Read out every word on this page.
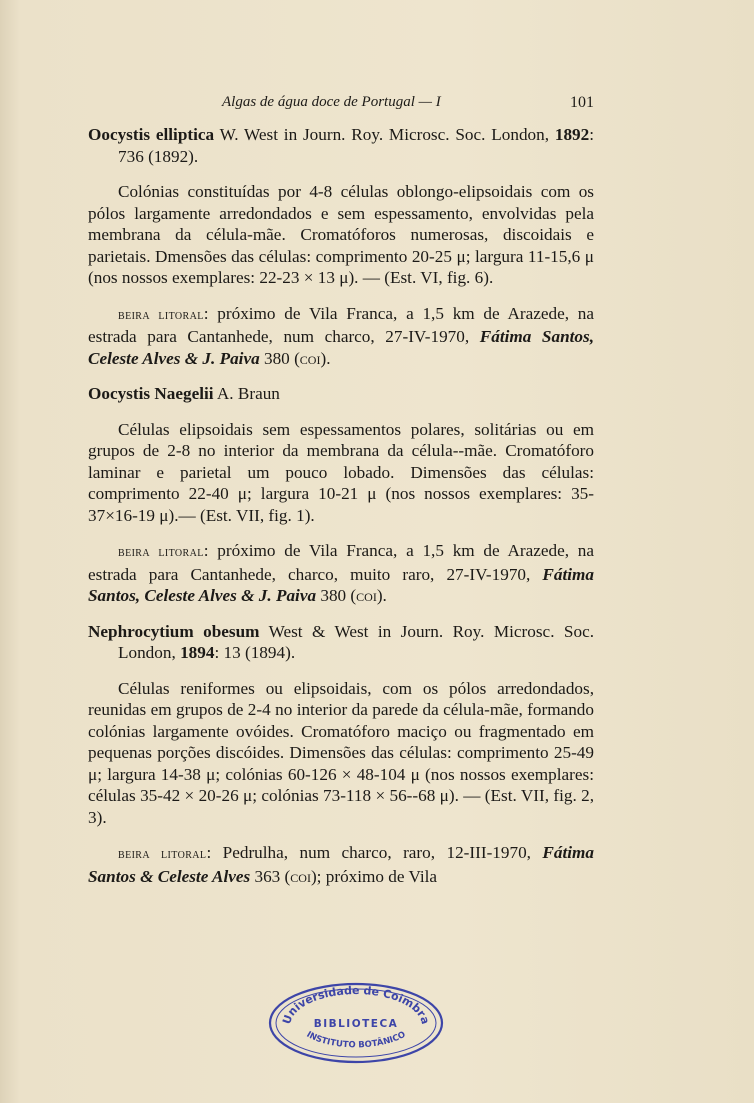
Algas de água doce de Portugal — I	101

Oocystis elliptica W. West in Journ. Roy. Microsc. Soc. London, 1892: 736 (1892).

Colónias constituídas por 4-8 células oblongo-elipsoidais com os pólos largamente arredondados e sem espessamento, envolvidas pela membrana da célula-mãe. Cromatóforos numerosas, discoidais e parietais. Dmensões das células: comprimento 20-25 μ; largura 11-15,6 μ (nos nossos exemplares: 22-23 × 13 μ). — (Est. VI, fig. 6).

beira litoral: próximo de Vila Franca, a 1,5 km de Arazede, na estrada para Cantanhede, num charco, 27-IV-1970, Fátima Santos, Celeste Alves & J. Paiva 380 (coi).

Oocystis Naegelii A. Braun

Células elipsoidais sem espessamentos polares, solitárias ou em grupos de 2-8 no interior da membrana da célula--mãe. Cromatóforo laminar e parietal um pouco lobado. Dimensões das células: comprimento 22-40 μ; largura 10-21 μ (nos nossos exemplares: 35-37×16-19 μ).— (Est. VII, fig. 1).

beira litoral: próximo de Vila Franca, a 1,5 km de Arazede, na estrada para Cantanhede, charco, muito raro, 27-IV-1970, Fátima Santos, Celeste Alves & J. Paiva 380 (coi).

Nephrocytium obesum West & West in Journ. Roy. Microsc. Soc. London, 1894: 13 (1894).

Células reniformes ou elipsoidais, com os pólos arredondados, reunidas em grupos de 2-4 no interior da parede da célula-mãe, formando colónias largamente ovóides. Cromatóforo maciço ou fragmentado em pequenas porções discóides. Dimensões das células: comprimento 25-49 μ; largura 14-38 μ; colónias 60-126 × 48-104 μ (nos nossos exemplares: células 35-42 × 20-26 μ; colónias 73-118 × 56--68 μ). — (Est. VII, fig. 2, 3).

beira litoral: Pedrulha, num charco, raro, 12-III-1970, Fátima Santos & Celeste Alves 363 (coi); próximo de Vila

Universidade de Coimbra
BIBLIOTECA
INSTITUTO BOTÂNICO
